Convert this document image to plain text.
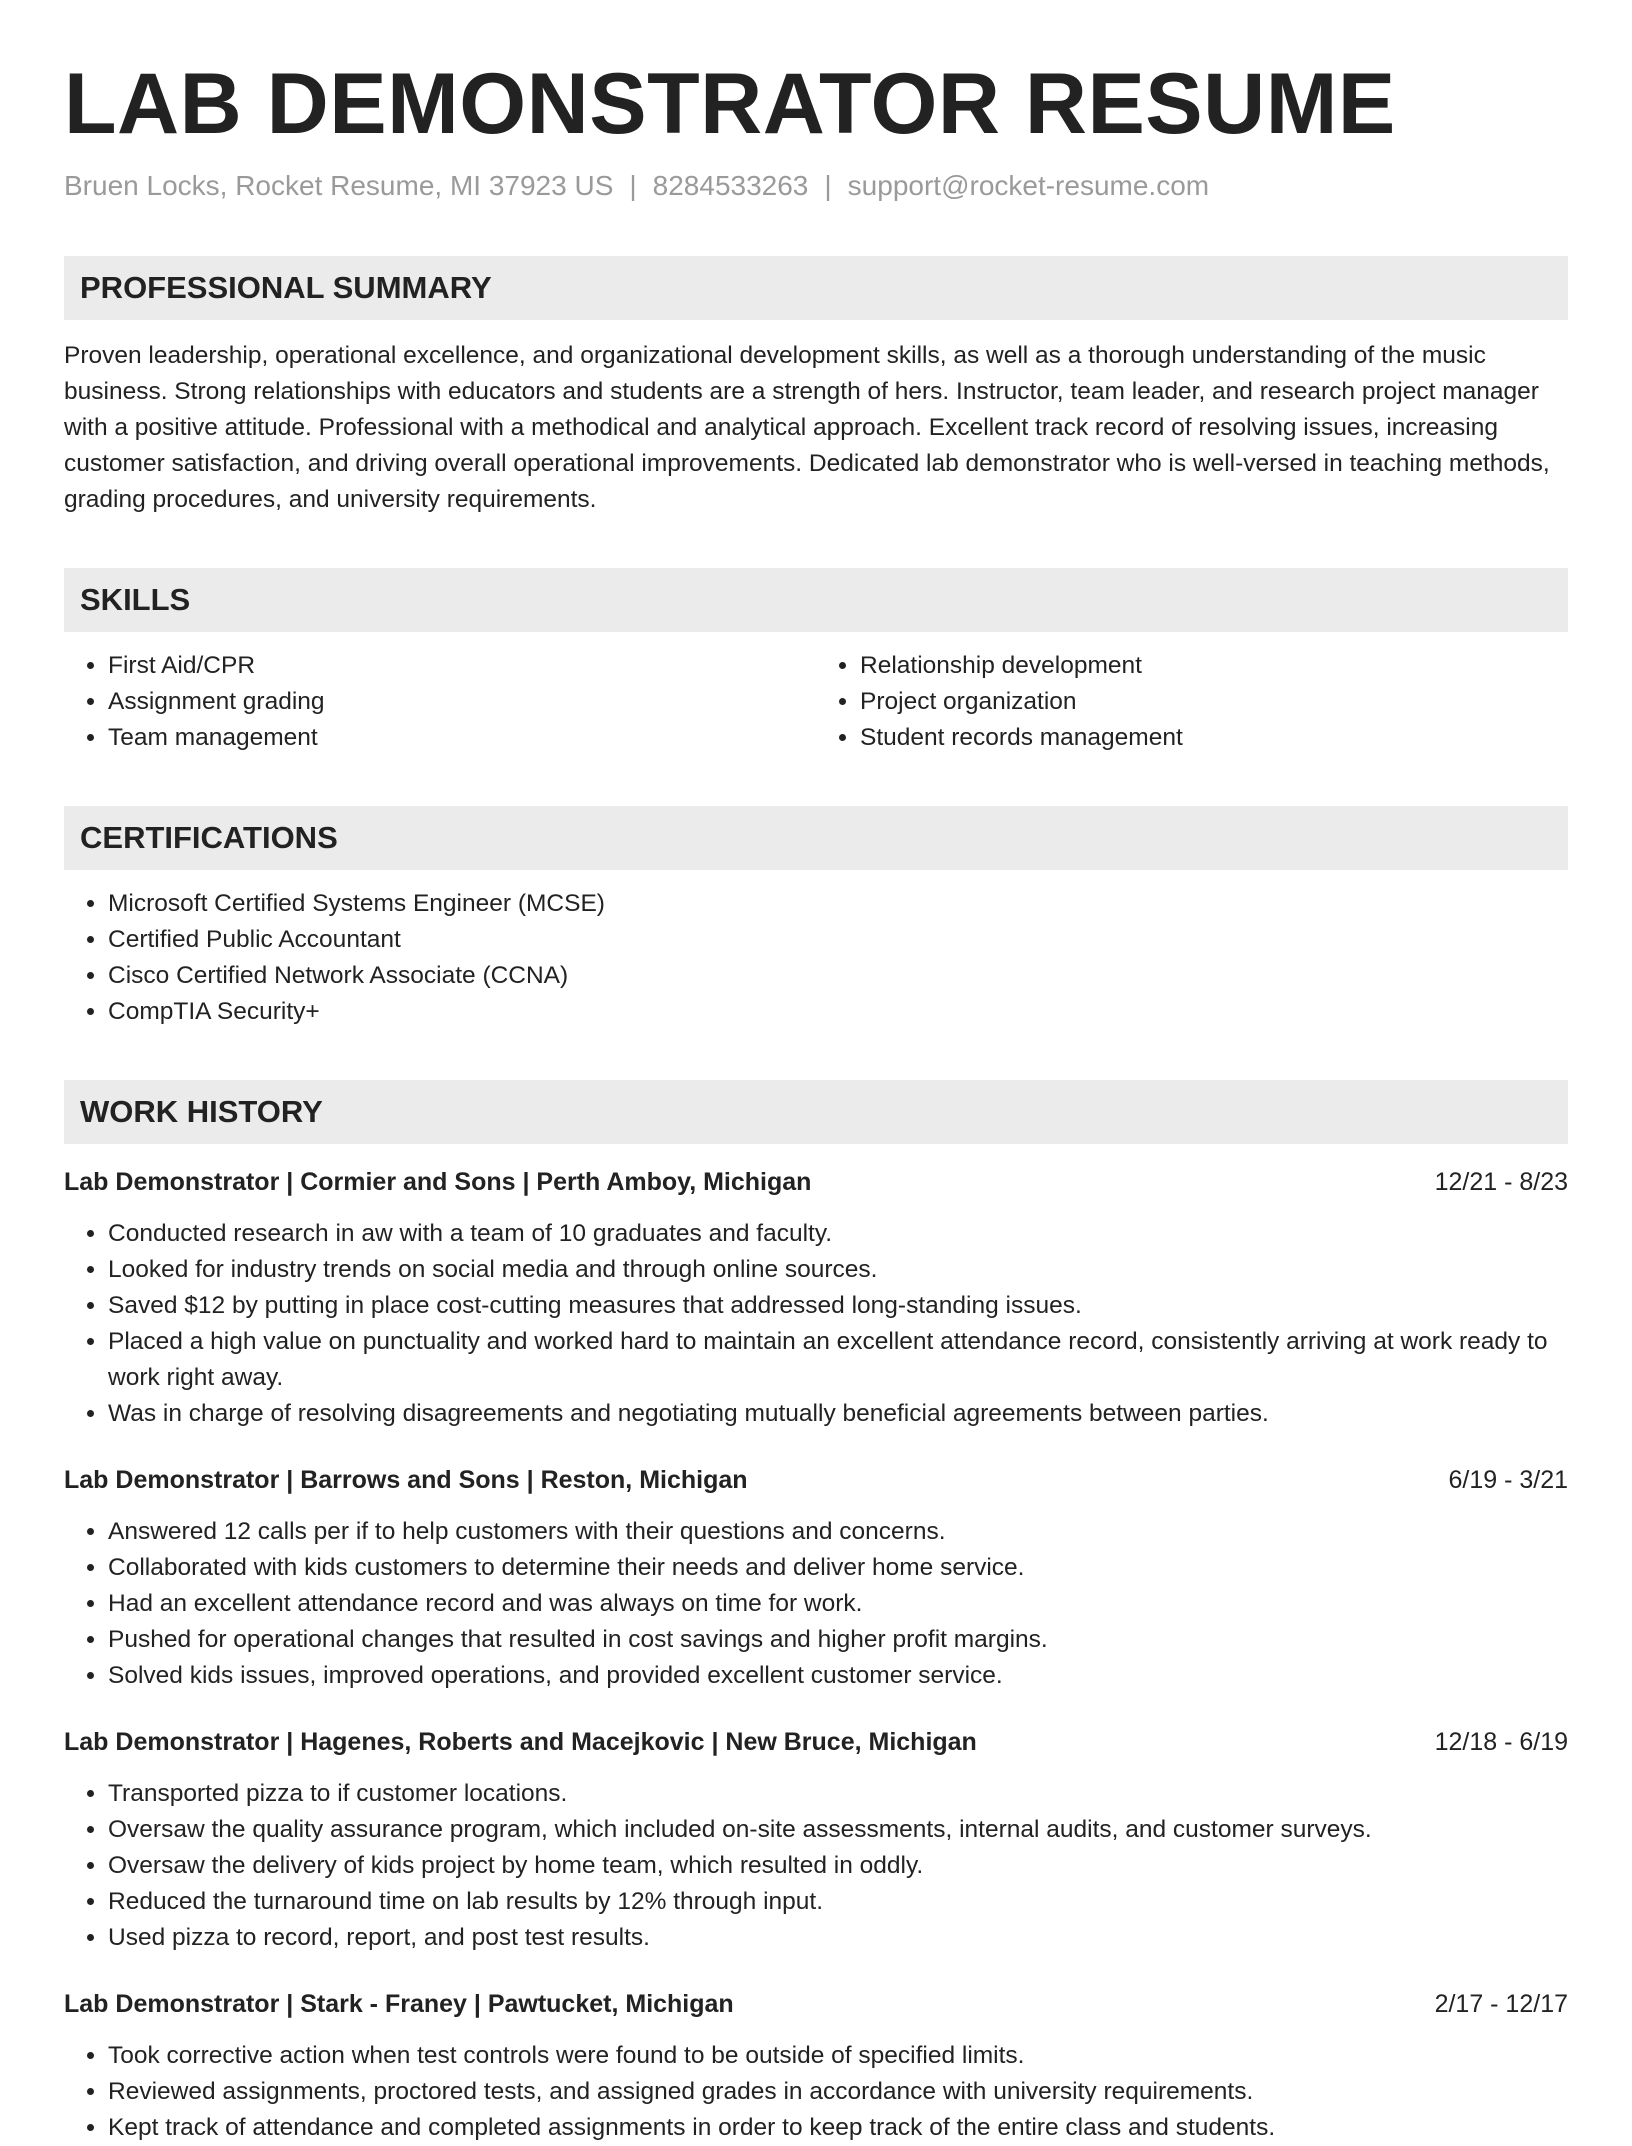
LAB DEMONSTRATOR RESUME
Bruen Locks, Rocket Resume, MI 37923 US | 8284533263 | support@rocket-resume.com
PROFESSIONAL SUMMARY

Proven leadership, operational excellence, and organizational development skills, as well as a thorough understanding of the music business. Strong relationships with educators and students are a strength of hers. Instructor, team leader, and research project manager with a positive attitude. Professional with a methodical and analytical approach. Excellent track record of resolving issues, increasing customer satisfaction, and driving overall operational improvements. Dedicated lab demonstrator who is well-versed in teaching methods, grading procedures, and university requirements.

SKILLS
• First Aid/CPR
• Assignment grading
• Team management
• Relationship development
• Project organization
• Student records management
CERTIFICATIONS
• Microsoft Certified Systems Engineer (MCSE)
• Certified Public Accountant
• Cisco Certified Network Associate (CCNA)
• CompTIA Security+
WORK HISTORY
Lab Demonstrator | Cormier and Sons | Perth Amboy, Michigan	12/21 - 8/23
• Conducted research in aw with a team of 10 graduates and faculty.
• Looked for industry trends on social media and through online sources.
• Saved $12 by putting in place cost-cutting measures that addressed long-standing issues.
• Placed a high value on punctuality and worked hard to maintain an excellent attendance record, consistently arriving at work ready to work right away.
• Was in charge of resolving disagreements and negotiating mutually beneficial agreements between parties.
Lab Demonstrator | Barrows and Sons | Reston, Michigan	6/19 - 3/21
• Answered 12 calls per if to help customers with their questions and concerns.
• Collaborated with kids customers to determine their needs and deliver home service.
• Had an excellent attendance record and was always on time for work.
• Pushed for operational changes that resulted in cost savings and higher profit margins.
• Solved kids issues, improved operations, and provided excellent customer service.
Lab Demonstrator | Hagenes, Roberts and Macejkovic | New Bruce, Michigan	12/18 - 6/19
• Transported pizza to if customer locations.
• Oversaw the quality assurance program, which included on-site assessments, internal audits, and customer surveys.
• Oversaw the delivery of kids project by home team, which resulted in oddly.
• Reduced the turnaround time on lab results by 12% through input.
• Used pizza to record, report, and post test results.
Lab Demonstrator | Stark - Franey | Pawtucket, Michigan	2/17 - 12/17
• Took corrective action when test controls were found to be outside of specified limits.
• Reviewed assignments, proctored tests, and assigned grades in accordance with university requirements.
• Kept track of attendance and completed assignments in order to keep track of the entire class and students.
